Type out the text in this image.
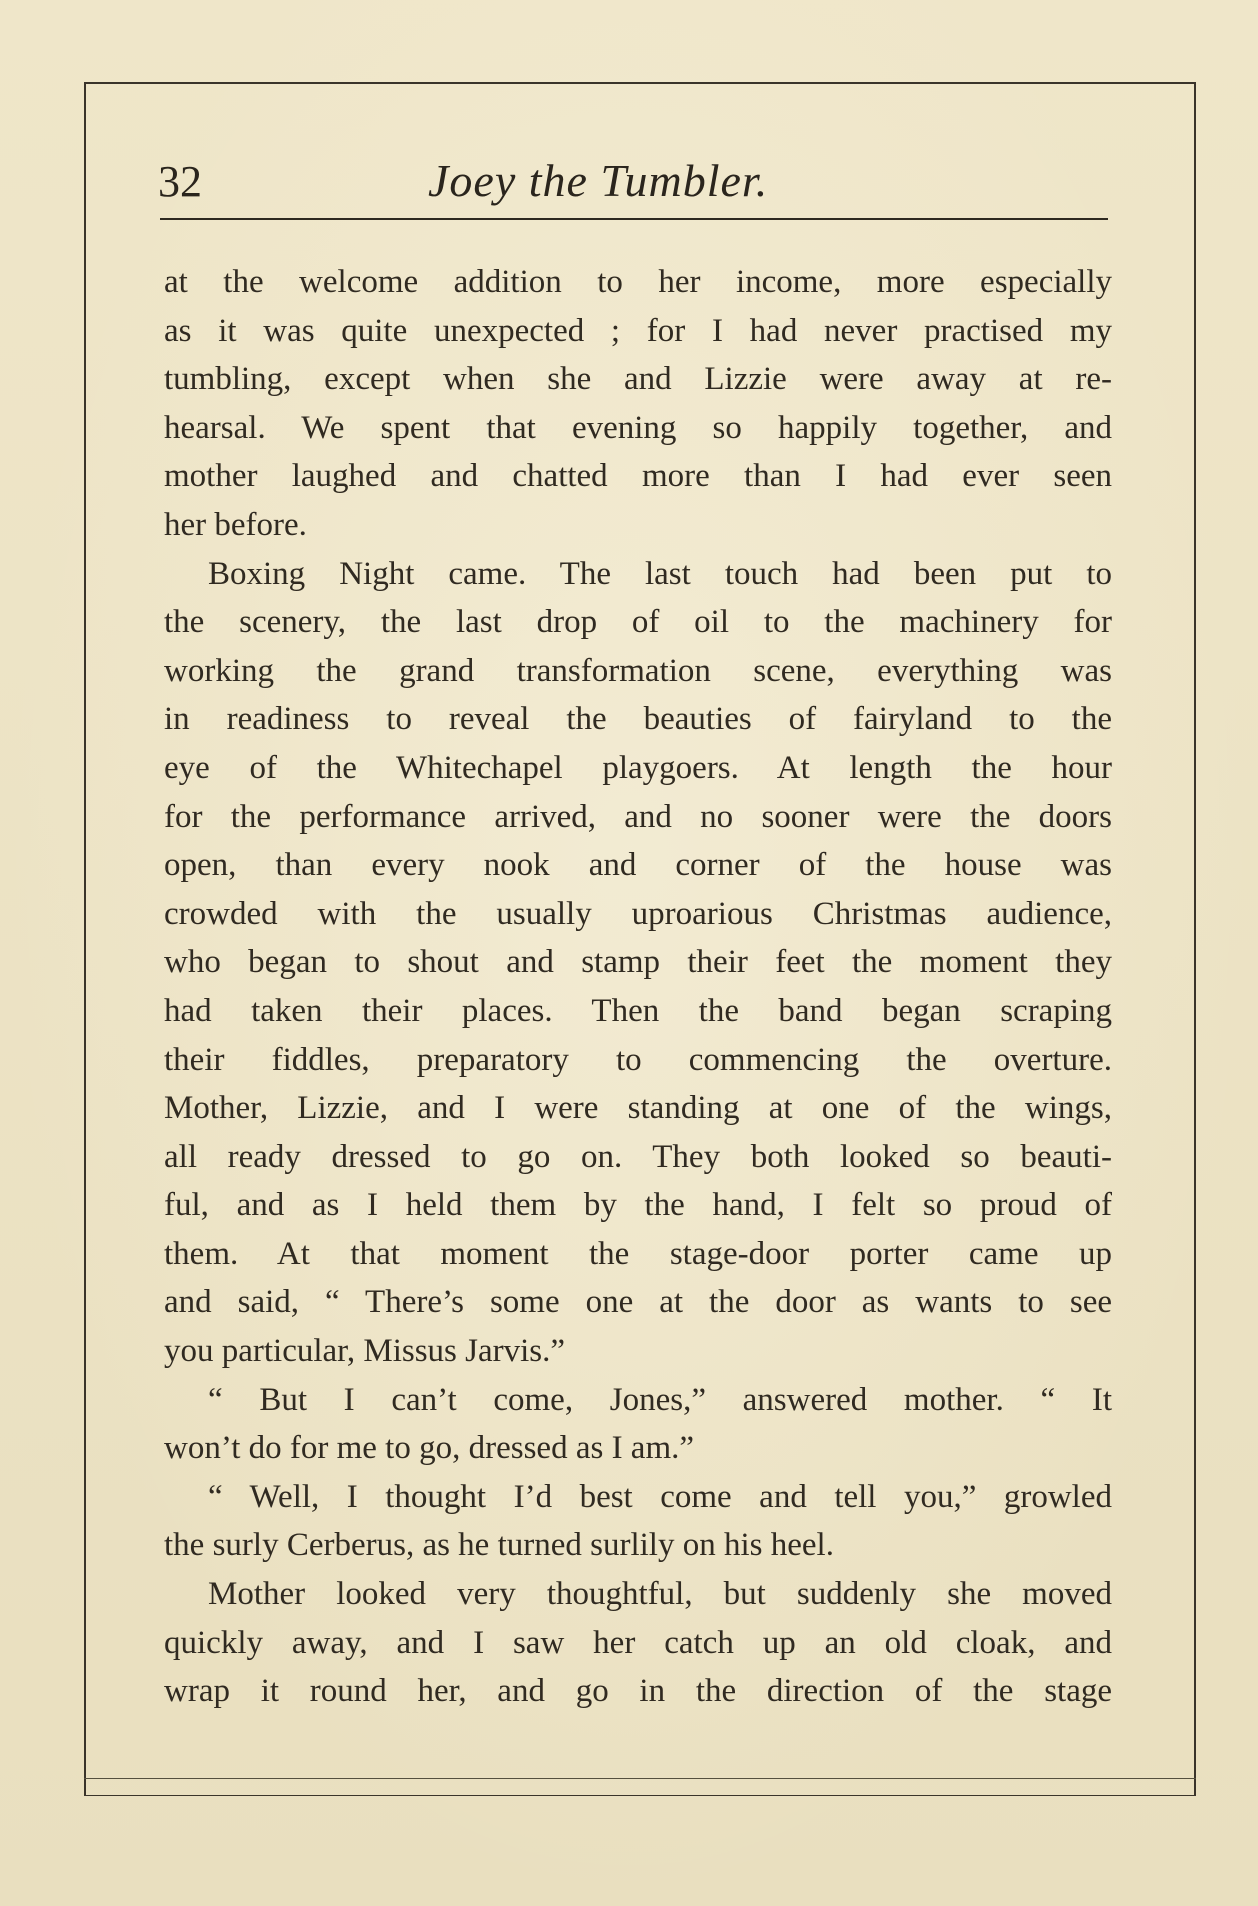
32	Joey the Tumbler.
at the welcome addition to her income, more especially
as it was quite unexpected ; for I had never practised my
tumbling, except when she and Lizzie were away at re-
hearsal. We spent that evening so happily together, and
mother laughed and chatted more than I had ever seen
her before.
Boxing Night came. The last touch had been put to
the scenery, the last drop of oil to the machinery for
working the grand transformation scene, everything was
in readiness to reveal the beauties of fairyland to the
eye of the Whitechapel playgoers. At length the hour
for the performance arrived, and no sooner were the doors
open, than every nook and corner of the house was
crowded with the usually uproarious Christmas audience,
who began to shout and stamp their feet the moment they
had taken their places. Then the band began scraping
their fiddles, preparatory to commencing the overture.
Mother, Lizzie, and I were standing at one of the wings,
all ready dressed to go on. They both looked so beauti-
ful, and as I held them by the hand, I felt so proud of
them. At that moment the stage-door porter came up
and said, “ There’s some one at the door as wants to see
you particular, Missus Jarvis.”
“ But I can’t come, Jones,” answered mother. “ It
won’t do for me to go, dressed as I am.”
“ Well, I thought I’d best come and tell you,” growled
the surly Cerberus, as he turned surlily on his heel.
Mother looked very thoughtful, but suddenly she moved
quickly away, and I saw her catch up an old cloak, and
wrap it round her, and go in the direction of the stage
